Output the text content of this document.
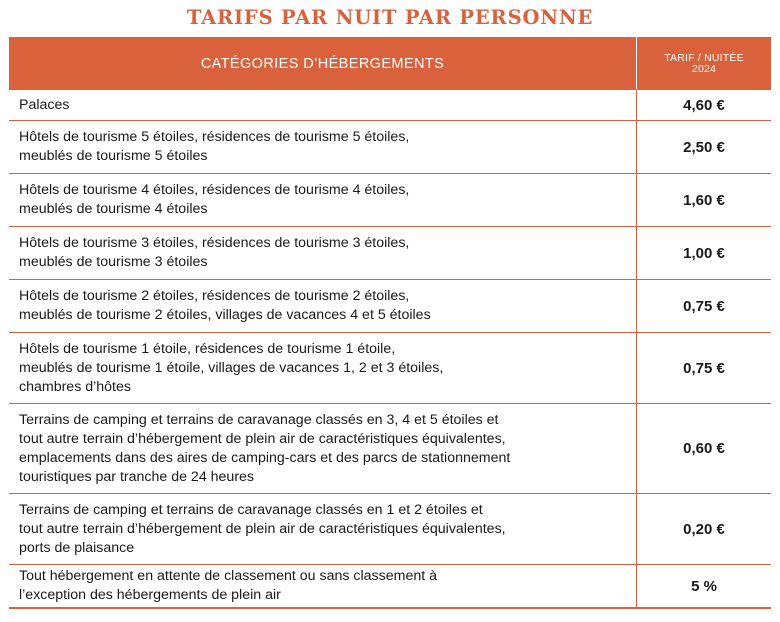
TARIFS PAR NUIT PAR PERSONNE
CATÉGORIES D’HÉBERGEMENTS	TARIF / NUITÉE
2024
Palaces	4,60 €
Hôtels de tourisme 5 étoiles, résidences de tourisme 5 étoiles,
meublés de tourisme 5 étoiles
2,50 €
Hôtels de tourisme 4 étoiles, résidences de tourisme 4 étoiles,
meublés de tourisme 4 étoiles
1,60 €
Hôtels de tourisme 3 étoiles, résidences de tourisme 3 étoiles,
meublés de tourisme 3 étoiles
1,00 €
Hôtels de tourisme 2 étoiles, résidences de tourisme 2 étoiles,
meublés de tourisme 2 étoiles, villages de vacances 4 et 5 étoiles
0,75 €
Hôtels de tourisme 1 étoile, résidences de tourisme 1 étoile,
meublés de tourisme 1 étoile, villages de vacances 1, 2 et 3 étoiles,
chambres d’hôtes
0,75 €
Terrains de camping et terrains de caravanage classés en 3, 4 et 5 étoiles et
tout autre terrain d’hébergement de plein air de caractéristiques équivalentes,
emplacements dans des aires de camping-cars et des parcs de stationnement
touristiques par tranche de 24 heures
0,60 €
Terrains de camping et terrains de caravanage classés en 1 et 2 étoiles et
tout autre terrain d’hébergement de plein air de caractéristiques équivalentes,
ports de plaisance
0,20 €
Tout hébergement en attente de classement ou sans classement à
l’exception des hébergements de plein air
5 %
